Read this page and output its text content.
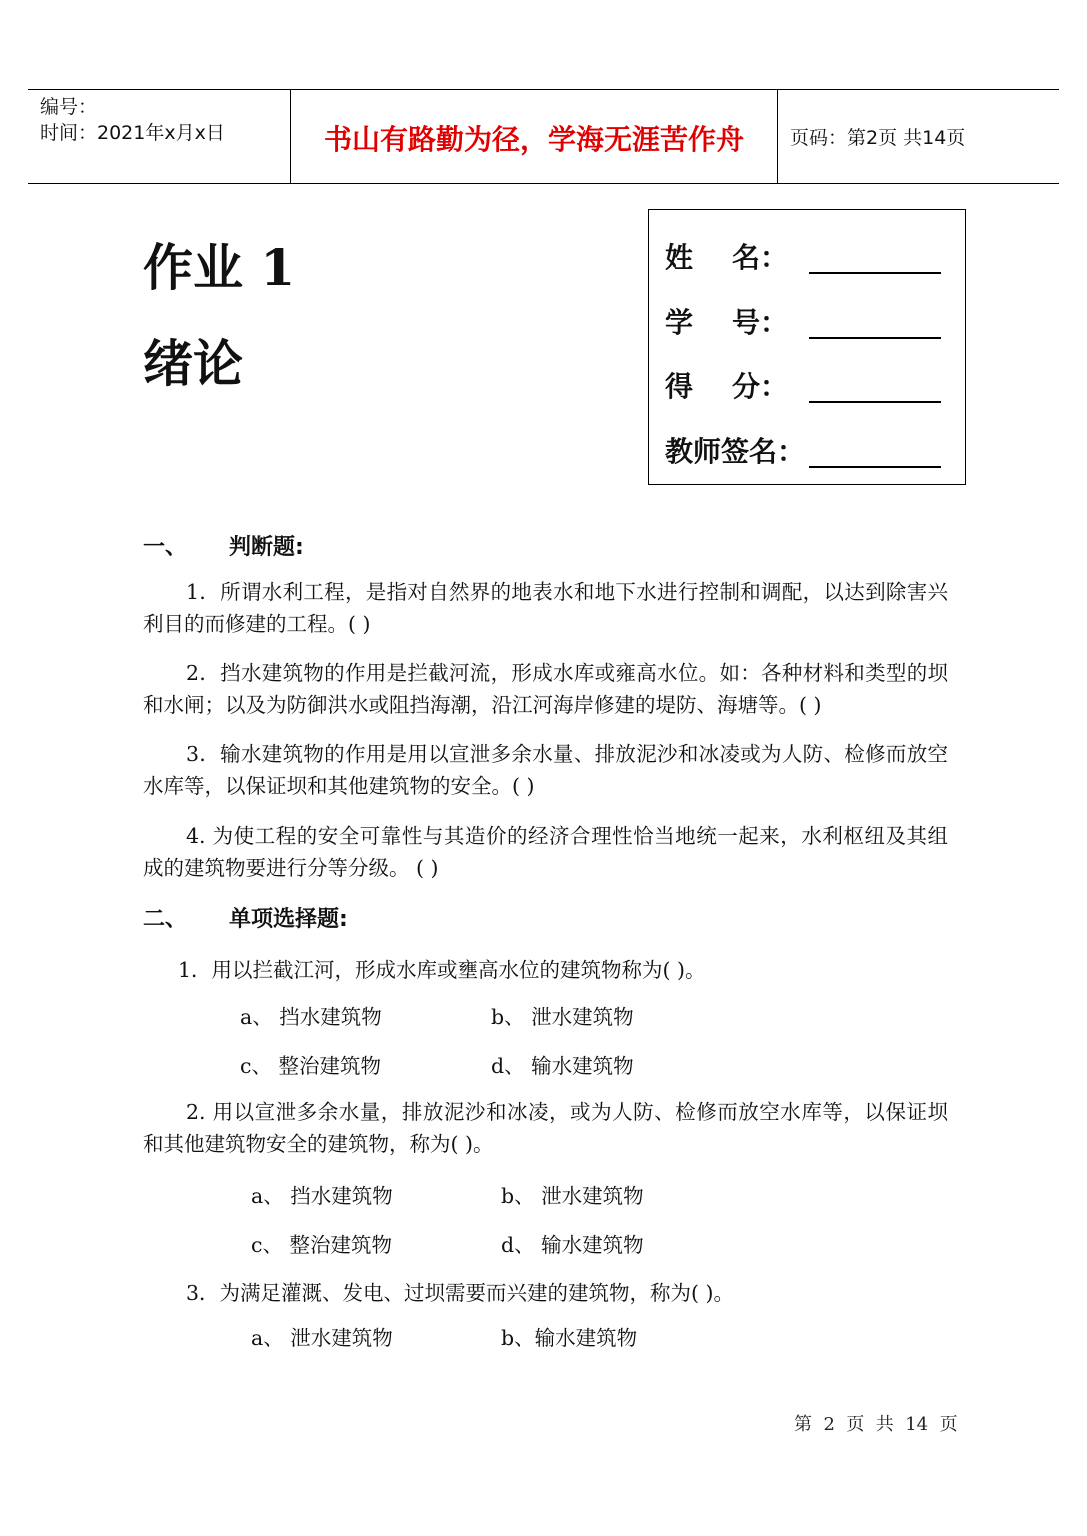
编号：
时间：2021年x月x日	书山有路勤为径，学海无涯苦作舟	页码：第2页 共14页
作业 1
绪论
姓    名：
学    号：
得    分：
教师签名：
一、 判断题:
1．所谓水利工程，是指对自然界的地表水和地下水进行控制和调配，以达到除害兴利目的而修建的工程。( )
2．挡水建筑物的作用是拦截河流，形成水库或雍高水位。如：各种材料和类型的坝和水闸；以及为防御洪水或阻挡海潮，沿江河海岸修建的堤防、海塘等。( )
3．输水建筑物的作用是用以宣泄多余水量、排放泥沙和冰凌或为人防、检修而放空水库等，以保证坝和其他建筑物的安全。( )
4. 为使工程的安全可靠性与其造价的经济合理性恰当地统一起来，水利枢纽及其组成的建筑物要进行分等分级。 ( )
二、 单项选择题:
1．用以拦截江河，形成水库或壅高水位的建筑物称为( )。
a、 挡水建筑物	b、 泄水建筑物
c、 整治建筑物	d、 输水建筑物
2. 用以宣泄多余水量，排放泥沙和冰凌，或为人防、检修而放空水库等，以保证坝和其他建筑物安全的建筑物，称为( )。
a、 挡水建筑物	b、 泄水建筑物
c、 整治建筑物	d、 输水建筑物
3．为满足灌溉、发电、过坝需要而兴建的建筑物，称为( )。
a、 泄水建筑物	b、输水建筑物
第  2  页  共  14  页
